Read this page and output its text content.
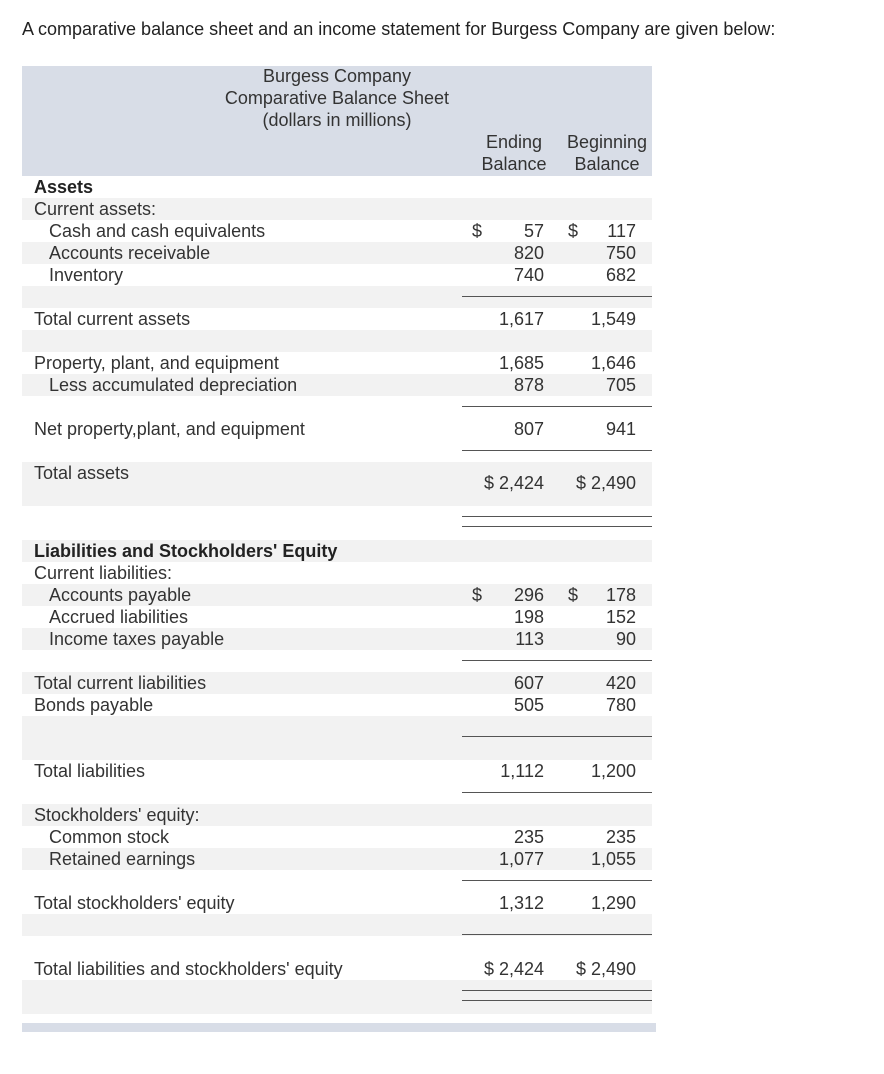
A comparative balance sheet and an income statement for Burgess Company are given below:
Burgess Company
Comparative Balance Sheet
(dollars in millions)
Ending
Balance
Beginning
Balance
Assets
Current assets:
Cash and cash equivalents	$	57 $	117
Accounts receivable	820	750
Inventory	740	682
Total current assets	1,617	1,549
Property, plant, and equipment	1,685	1,646
Less accumulated depreciation	878	705
Net property,plant, and equipment	807	941
Total assets	$ 2,424	$ 2,490
Liabilities and Stockholders' Equity
Current liabilities:
Accounts payable	$	296 $	178
Accrued liabilities	198	152
Income taxes payable	113	90
Total current liabilities	607	420
Bonds payable	505	780
Total liabilities	1,112	1,200
Stockholders' equity:
Common stock	235	235
Retained earnings	1,077	1,055
Total stockholders' equity	1,312	1,290
Total liabilities and stockholders' equity	$ 2,424	$ 2,490
